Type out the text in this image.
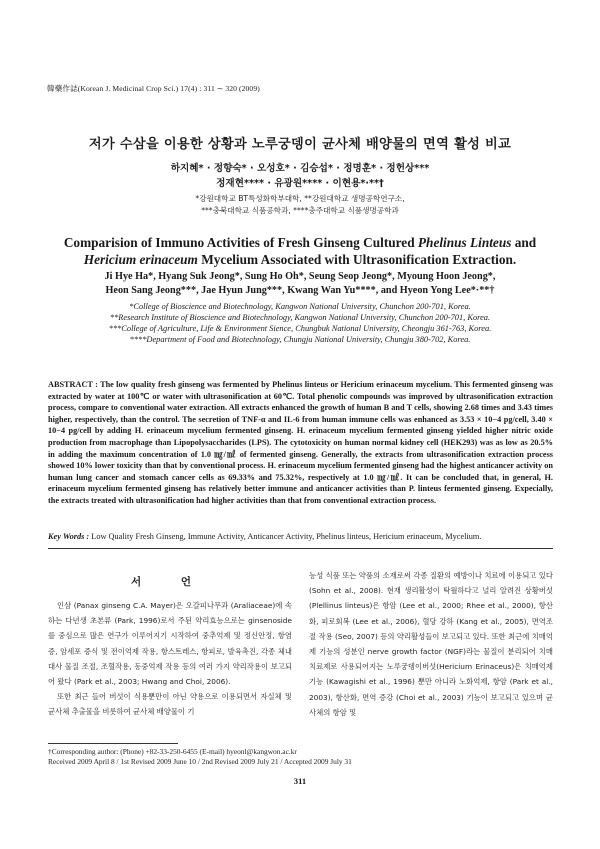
韓藥作誌(Korean J. Medicinal Crop Sci.) 17(4) : 311 ∼ 320 (2009)
저가 수삼을 이용한 상황과 노루궁뎅이 균사체 배양물의 면역 활성 비교
하지혜* · 정향숙* · 오성호* · 김승섭* · 정명훈* · 정헌상***
정재현**** · 유광원**** · 이현용*·**†
*강원대학교 BT특성화학부대학, **강원대학교 생명공학연구소,
***충북대학교 식품공학과, ****충주대학교 식품생명공학과
Comparision of Immuno Activities of Fresh Ginseng Cultured Phelinus Linteus and
Hericium erinaceum Mycelium Associated with Ultrasonification Extraction.
Ji Hye Ha*, Hyang Suk Jeong*, Sung Ho Oh*, Seung Seop Jeong*, Myoung Hoon Jeong*,
Heon Sang Jeong***, Jae Hyun Jung***, Kwang Wan Yu****, and Hyeon Yong Lee*·**†
*College of Bioscience and Biotechnology, Kangwon National University, Chunchon 200-701, Korea.
**Research Institute of Bioscience and Biotechnology, Kangwon National University, Chunchon 200-701, Korea.
***College of Agriculture, Life & Environment Sience, Chungbuk National University, Cheongju 361-763, Korea.
****Department of Food and Biotechnology, Chungju National University, Chungju 380-702, Korea.
ABSTRACT : The low quality fresh ginseng was fermented by Phelinus linteus or Hericium erinaceum mycelium. This fermented ginseng was extracted by water at 100℃ or water with ultrasonification at 60℃. Total phenolic compounds was improved by ultrasonification extraction process, compare to conventional water extraction. All extracts enhanced the growth of human B and T cells, showing 2.68 times and 3.43 times higher, respectively, than the control. The secretion of TNF-α and IL-6 from human immune cells was enhanced as 3.53 × 10−4 pg/cell, 3.40 × 10−4 pg/cell by adding H. erinaceum mycelium fermented ginseng. H. erinaceum mycelium fermented ginseng yielded higher nitric oxide production from macrophage than Lipopolysaccharides (LPS). The cytotoxicity on human normal kidney cell (HEK293) was as low as 20.5% in adding the maximum concentration of 1.0 ㎎/㎖ of fermented ginseng. Generally, the extracts from ultrasonification extraction process showed 10% lower toxicity than that by conventional process. H. erinaceum mycelium fermented ginseng had the highest anticancer activity on human lung cancer and stomach cancer cells as 69.33% and 75.32%, respectively at 1.0 ㎎/㎖. It can be concluded that, in general, H. erinaceum mycelium fermented ginseng has relatively better immune and anticancer activities than P. linteus fermented ginseng. Expecially, the extracts treated with ultrasonification had higher activities than that from conventional extraction process.
Key Words : Low Quality Fresh Ginseng, Immune Activity, Anticancer Activity, Phelinus linteus, Hericium erinaceum, Mycelium.
서 언

인삼 (Panax ginseng C.A. Mayer)은 오갈피나무과 (Araliaceae)에 속하는 다년생 초본류 (Park, 1996)로서 주된 약리효능으로는 ginsenoside를 중심으로 많은 연구가 이루어지기 시작하여 중추억제 및 정신안정, 항염증, 암세포 증식 및 전이억제 작용, 항스트레스, 항피로, 발육촉진, 각종 체내대사 물질 조절, 조혈작용, 동중억제 작용 등의 여러 가지 약리작용이 보고되어 왔다 (Park et al., 2003; Hwang and Choi, 2006).

또한 최근 들어 버섯이 식용뿐만이 아닌 약용으로 이용되면서 자실체 및 균사체 추출물을 비롯하여 균사체 배양물이 기

능성 식품 또는 약품의 소재로써 각종 질환의 예방이나 치료에 이용되고 있다 (Sohn et al., 2008). 현재 생리활성이 탁월하다고 널리 알려진 상황버섯 (Plellinus linteus)은 항암 (Lee et al., 2000; Rhee et al., 2000), 항산화, 피로회복 (Lee et al., 2006), 혈당 강하 (Kang et al., 2005), 면역조절 작용 (Seo, 2007) 등의 약리활성들이 보고되고 있다. 또한 최근에 치매억제 기능의 성분인 nerve growth factor (NGF)라는 물질이 분리되어 치매치료제로 사용되어지는 노루궁뎅이버섯(Hericium Erinaceus)은 치매억제 기능 (Kawagishi et al., 1996) 뿐만 아니라 노화억제, 항암 (Park et al., 2003), 항산화, 면역 증강 (Choi et al., 2003) 기능이 보고되고 있으며 균사체의 항암 및

†Corresponding author: (Phone) +82-33-250-6455 (E-mail) hyeonl@kangwon.ac.kr
Received 2009 April 8 / 1st Revised 2009 June 10 / 2nd Revised 2009 July 21 / Accepted 2009 July 31
311
